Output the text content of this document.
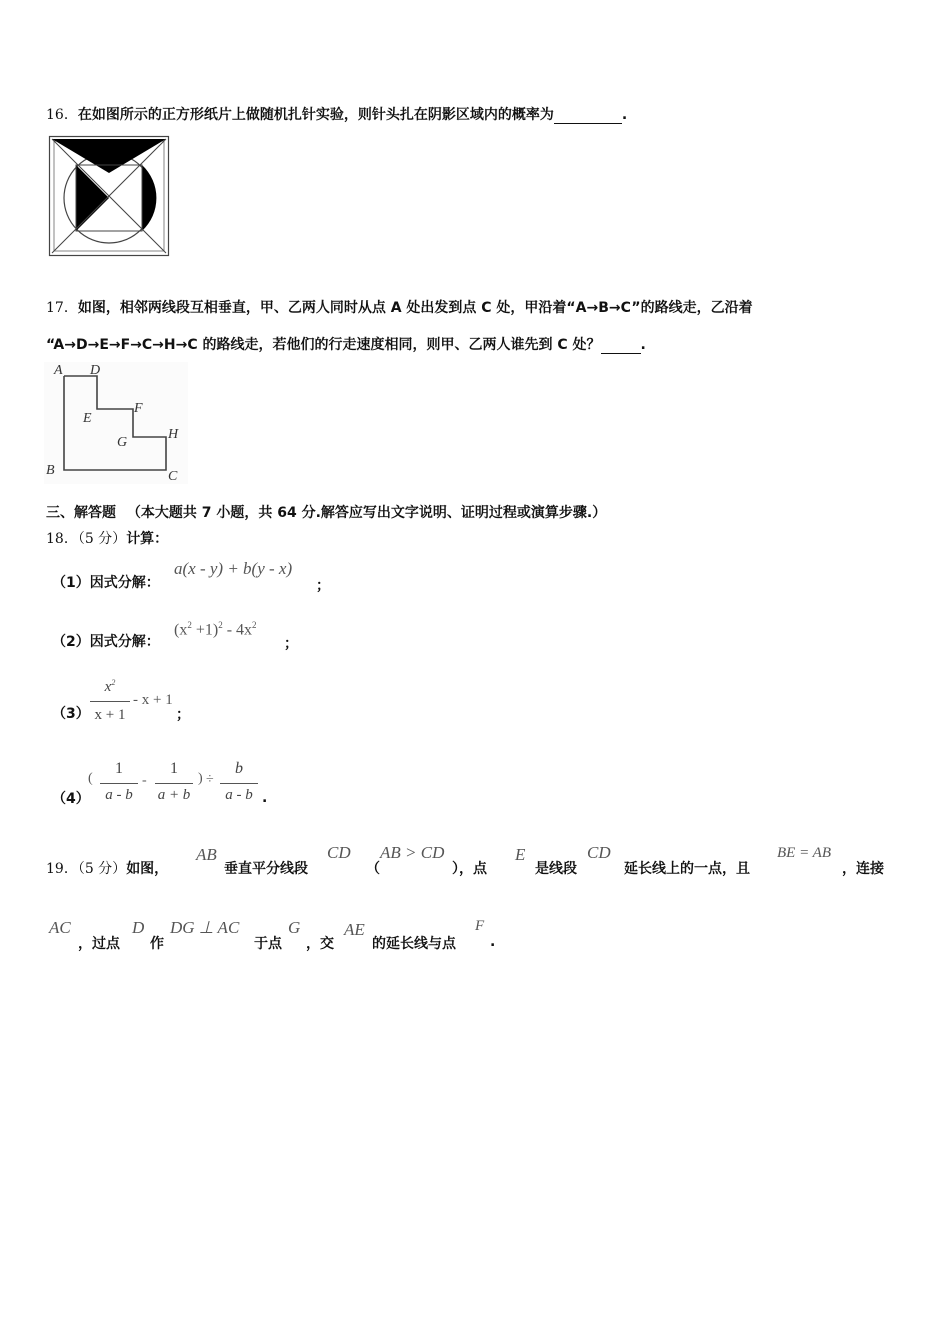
16．在如图所示的正方形纸片上做随机扎针实验，则针头扎在阴影区域内的概率为	.
17．如图，相邻两线段互相垂直，甲、乙两人同时从点 A 处出发到点 C 处，甲沿着“A→B→C”的路线走，乙沿着
“A→D→E→F→C→H→C 的路线走，若他们的行走速度相同，则甲、乙两人谁先到 C 处？	.
A D
E
F
G
H
B	C
三、解答题 （本大题共 7 小题，共 64 分.解答应写出文字说明、证明过程或演算步骤.）
18．（5 分）计算：
（1）因式分解：
a(x - y) + b(y - x)
；
（2）因式分解：
$(x^2 +1)^2 - 4x^2$
；
（3）
$x^2$
x + 1
- x + 1
；
（4）
(
1
a - b
-
1
a + b
) ÷
b
a - b .
19．（5 分）如图，
AB
垂直平分线段
CD
（
AB > CD
），点
E
是线段
CD
延长线上的一点，且
BE = AB
，连接
AC
，过点
D
作
DG ⊥ AC
于点
G
，交
AE
的延长线与点
F
.
